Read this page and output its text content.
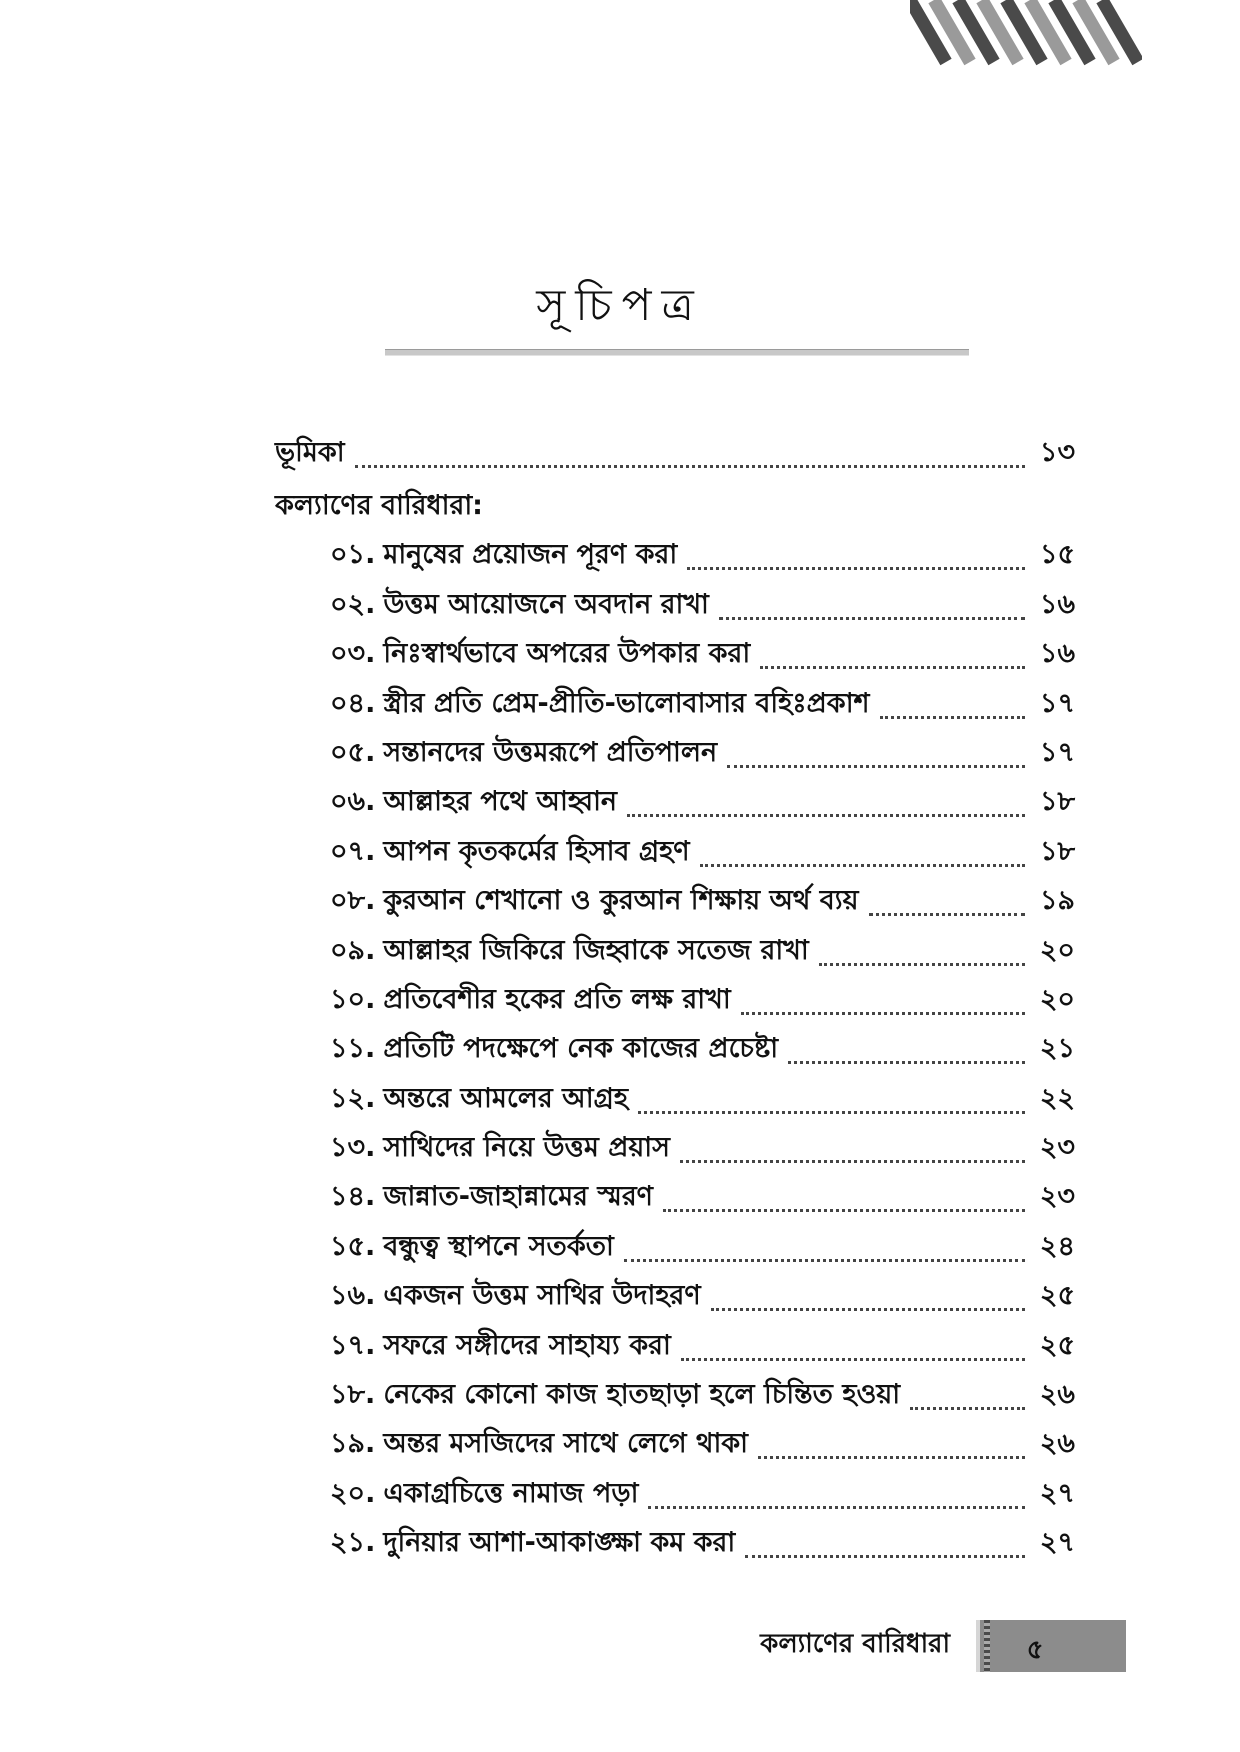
সূচিপত্র
ভূমিকা	১৩
কল্যাণের বারিধারা:
০১. মানুষের প্রয়োজন পূরণ করা	১৫
০২. উত্তম আয়োজনে অবদান রাখা	১৬
০৩. নিঃস্বার্থভাবে অপরের উপকার করা	১৬
০৪. স্ত্রীর প্রতি প্রেম-প্রীতি-ভালোবাসার বহিঃপ্রকাশ	১৭
০৫. সন্তানদের উত্তমরূপে প্রতিপালন	১৭
০৬. আল্লাহর পথে আহ্বান	১৮
০৭. আপন কৃতকর্মের হিসাব গ্রহণ	১৮
০৮. কুরআন শেখানো ও কুরআন শিক্ষায় অর্থ ব্যয়	১৯
০৯. আল্লাহর জিকিরে জিহ্বাকে সতেজ রাখা	২০
১০. প্রতিবেশীর হকের প্রতি লক্ষ রাখা	২০
১১. প্রতিটি পদক্ষেপে নেক কাজের প্রচেষ্টা	২১
১২. অন্তরে আমলের আগ্রহ	২২
১৩. সাথিদের নিয়ে উত্তম প্রয়াস	২৩
১৪. জান্নাত-জাহান্নামের স্মরণ	২৩
১৫. বন্ধুত্ব স্থাপনে সতর্কতা	২৪
১৬. একজন উত্তম সাথির উদাহরণ	২৫
১৭. সফরে সঙ্গীদের সাহায্য করা	২৫
১৮. নেকের কোনো কাজ হাতছাড়া হলে চিন্তিত হওয়া	২৬
১৯. অন্তর মসজিদের সাথে লেগে থাকা	২৬
২০. একাগ্রচিত্তে নামাজ পড়া	২৭
২১. দুনিয়ার আশা-আকাঙ্ক্ষা কম করা	২৭
কল্যাণের বারিধারা	৫
